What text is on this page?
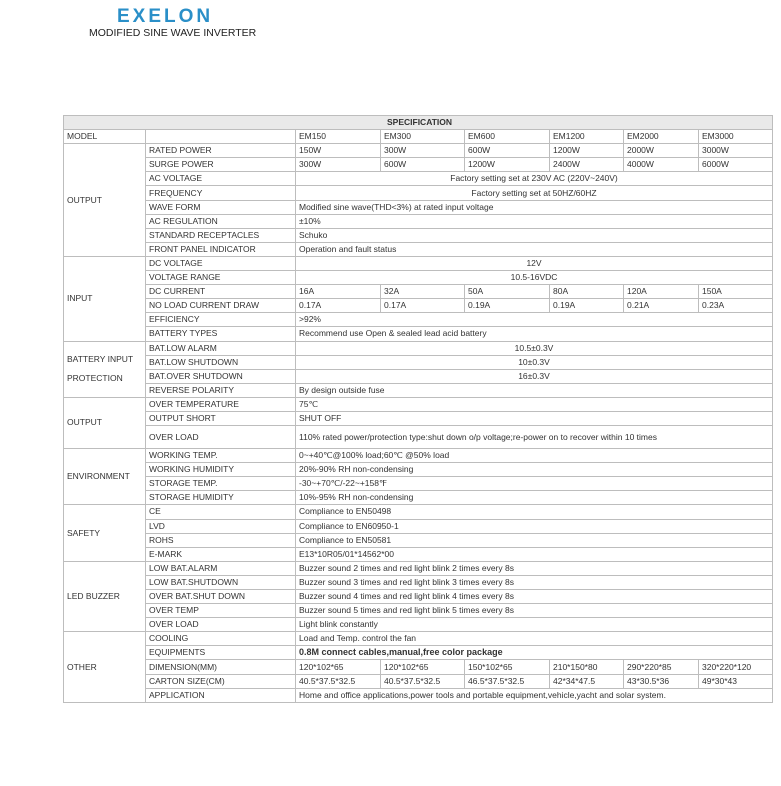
EXELON
MODIFIED SINE WAVE INVERTER
SPECIFICATION							
MODEL		EM150	EM300	EM600	EM1200	EM2000	EM3000
OUTPUT	RATED POWER	150W	300W	600W	1200W	2000W	3000W
	SURGE POWER	300W	600W	1200W	2400W	4000W	6000W
	AC VOLTAGE	Factory setting set at 230V AC (220V~240V)					
	FREQUENCY	Factory setting set at 50HZ/60HZ					
	WAVE FORM	Modified sine wave(THD<3%) at rated input voltage					
	AC REGULATION	±10%					
	STANDARD RECEPTACLES	Schuko					
	FRONT PANEL INDICATOR	Operation and fault status					
INPUT	DC VOLTAGE	12V					
	VOLTAGE RANGE	10.5-16VDC					
	DC CURRENT	16A	32A	50A	80A	120A	150A
	NO LOAD CURRENT DRAW	0.17A	0.17A	0.19A	0.19A	0.21A	0.23A
	EFFICIENCY	>92%					
	BATTERY TYPES	Recommend use Open & sealed lead acid battery					
BATTERY INPUT
PROTECTION	BAT.LOW ALARM	10.5±0.3V					
	BAT.LOW SHUTDOWN	10±0.3V					
	BAT.OVER SHUTDOWN	16±0.3V					
	REVERSE POLARITY	By design outside fuse					
OUTPUT	OVER TEMPERATURE	75℃					
	OUTPUT SHORT	SHUT OFF					
	OVER LOAD	110% rated power/protection type:shut down o/p voltage;re-power on to recover within 10 times					
ENVIRONMENT	WORKING TEMP.	0~+40℃@100% load;60℃ @50% load					
	WORKING HUMIDITY	20%-90% RH non-condensing					
	STORAGE TEMP.	-30~+70℃/-22~+158℉					
	STORAGE HUMIDITY	10%-95% RH non-condensing					
SAFETY	CE	Compliance to EN50498					
	LVD	Compliance to EN60950-1					
	ROHS	Compliance to EN50581					
	E-MARK	E13*10R05/01*14562*00					
LED BUZZER	LOW BAT.ALARM	Buzzer sound 2 times and red light blink 2 times every 8s					
	LOW BAT.SHUTDOWN	Buzzer sound 3 times and red light blink 3 times every 8s					
	OVER BAT.SHUT DOWN	Buzzer sound 4 times and red light blink 4 times every 8s					
	OVER TEMP	Buzzer sound 5 times and red light blink 5 times every 8s					
	OVER LOAD	Light blink constantly					
OTHER	COOLING	Load and Temp. control the fan					
	EQUIPMENTS	0.8M connect cables,manual,free color package					
	DIMENSION(MM)	120*102*65	120*102*65	150*102*65	210*150*80	290*220*85	320*220*120
	CARTON SIZE(CM)	40.5*37.5*32.5	40.5*37.5*32.5	46.5*37.5*32.5	42*34*47.5	43*30.5*36	49*30*43
	APPLICATION	Home and office applications,power tools and portable equipment,vehicle,yacht and solar system.					
